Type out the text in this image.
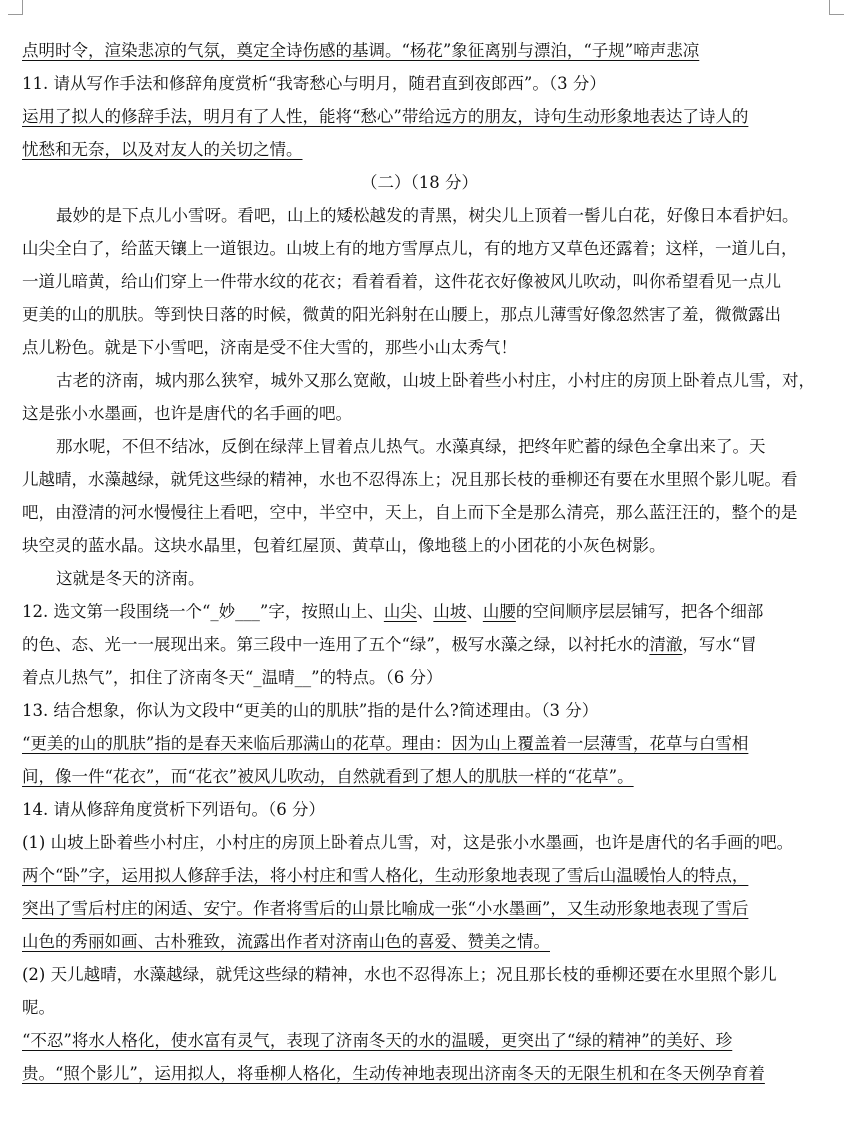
点明时令，渲染悲凉的气氛，奠定全诗伤感的基调。“杨花”象征离别与漂泊，“子规”啼声悲凉
11. 请从写作手法和修辞角度赏析“我寄愁心与明月，随君直到夜郎西”。（3 分）
运用了拟人的修辞手法，明月有了人性，能将“愁心”带给远方的朋友，诗句生动形象地表达了诗人的
忧愁和无奈，以及对友人的关切之情。
（二）（18 分）
最妙的是下点儿小雪呀。看吧，山上的矮松越发的青黑，树尖儿上顶着一髻儿白花，好像日本看护妇。
山尖全白了，给蓝天镶上一道银边。山坡上有的地方雪厚点儿，有的地方又草色还露着；这样，一道儿白，
一道儿暗黄，给山们穿上一件带水纹的花衣；看着看着，这件花衣好像被风儿吹动，叫你希望看见一点儿
更美的山的肌肤。等到快日落的时候，微黄的阳光斜射在山腰上，那点儿薄雪好像忽然害了羞，微微露出
点儿粉色。就是下小雪吧，济南是受不住大雪的，那些小山太秀气！
古老的济南，城内那么狭窄，城外又那么宽敞，山坡上卧着些小村庄，小村庄的房顶上卧着点儿雪，对，
这是张小水墨画，也许是唐代的名手画的吧。
那水呢，不但不结冰，反倒在绿萍上冒着点儿热气。水藻真绿，把终年贮蓄的绿色全拿出来了。天
儿越晴，水藻越绿，就凭这些绿的精神，水也不忍得冻上；况且那长枝的垂柳还有要在水里照个影儿呢。看
吧，由澄清的河水慢慢往上看吧，空中，半空中，天上，自上而下全是那么清亮，那么蓝汪汪的，整个的是
块空灵的蓝水晶。这块水晶里，包着红屋顶、黄草山，像地毯上的小团花的小灰色树影。
这就是冬天的济南。
12. 选文第一段围绕一个“_妙___”字，按照山上、山尖、山坡、山腰的空间顺序层层铺写，把各个细部
的色、态、光一一展现出来。第三段中一连用了五个“绿”，极写水藻之绿，以衬托水的清澈，写水“冒
着点儿热气”，扣住了济南冬天“_温晴__”的特点。（6 分）
13. 结合想象，你认为文段中“更美的山的肌肤”指的是什么?简述理由。（3 分）
“更美的山的肌肤”指的是春天来临后那满山的花草。理由：因为山上覆盖着一层薄雪，花草与白雪相
间，像一件“花衣”，而“花衣”被风儿吹动，自然就看到了想人的肌肤一样的“花草”。
14. 请从修辞角度赏析下列语句。（6 分）
(1) 山坡上卧着些小村庄，小村庄的房顶上卧着点儿雪，对，这是张小水墨画，也许是唐代的名手画的吧。
两个“卧”字，运用拟人修辞手法，将小村庄和雪人格化，生动形象地表现了雪后山温暖怡人的特点，
突出了雪后村庄的闲适、安宁。作者将雪后的山景比喻成一张“小水墨画”，又生动形象地表现了雪后
山色的秀丽如画、古朴雅致，流露出作者对济南山色的喜爱、赞美之情。
(2) 天儿越晴，水藻越绿，就凭这些绿的精神，水也不忍得冻上；况且那长枝的垂柳还要在水里照个影儿
呢。
“不忍”将水人格化，使水富有灵气，表现了济南冬天的水的温暖，更突出了“绿的精神”的美好、珍
贵。“照个影儿”，运用拟人，将垂柳人格化，生动传神地表现出济南冬天的无限生机和在冬天例孕育着
